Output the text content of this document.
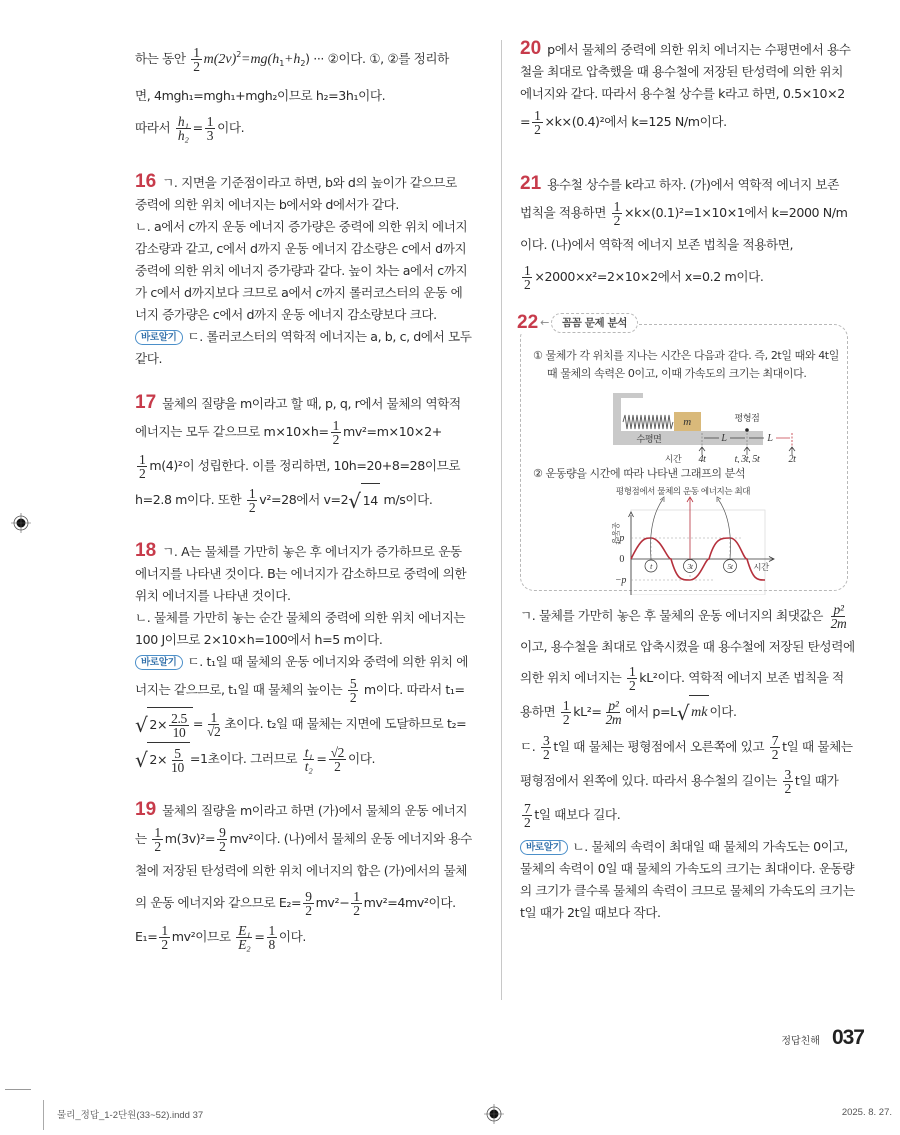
하는 동안 $\frac{1}{2} m(2v)^2=mg(h_1+h_2)$ ··· ②이다. ①, ②를 정리하
면, 4mgh₁=mgh₁+mgh₂이므로 h₂=3h₁이다.
따라서 $\frac{\text{h₁}}{\text{h₂}} = \frac{1}{3}$ 이다.
16 ㄱ. 지면을 기준점이라고 하면, b와 d의 높이가 같으므로
중력에 의한 위치 에너지는 b에서와 d에서가 같다.
ㄴ. a에서 c까지 운동 에너지 증가량은 중력에 의한 위치 에너지
감소량과 같고, c에서 d까지 운동 에너지 감소량은 c에서 d까지
중력에 의한 위치 에너지 증가량과 같다. 높이 차는 a에서 c까지
가 c에서 d까지보다 크므로 a에서 c까지 롤러코스터의 운동 에
너지 증가량은 c에서 d까지 운동 에너지 감소량보다 크다.
바로알기 ㄷ. 롤러코스터의 역학적 에너지는 a, b, c, d에서 모두
같다.
17 물체의 질량을 m이라고 할 때, p, q, r에서 물체의 역학적
에너지는 모두 같으므로 $m\times 10\times h= \frac{1}{2} mv^2=m\times 10\times 2+$
$\frac{1}{2} m(4)^2$이 성립한다. 이를 정리하면, 10h=20+8=28이므로
h=2.8 m이다. 또한 $\frac{1}{2} v^2=28$에서 v=2 √ 14 m/s이다.
18 ㄱ. A는 물체를 가만히 놓은 후 에너지가 증가하므로 운동
에너지를 나타낸 것이다. B는 에너지가 감소하므로 중력에 의한
위치 에너지를 나타낸 것이다.
ㄴ. 물체를 가만히 놓는 순간 물체의 중력에 의한 위치 에너지는
100 J이므로 2×10×h=100에서 h=5 m이다.
바로알기 ㄷ. t₁일 때 물체의 운동 에너지와 중력에 의한 위치 에
너지는 같으므로, t₁일 때 물체의 높이는 $\frac{5}{2}$ m이다. 따라서 t₁=
√ $2\times \frac{2.5}{10} = \frac{1}{√2}$ 초이다. t₂일 때 물체는 지면에 도달하므로 t₂=
√ $2\times \frac{5}{10} =1$초이다. 그러므로 $\frac{\text{t₁}}{\text{t₂}} = \frac{√2}{2}$ 이다.
19 물체의 질량을 m이라고 하면 (가)에서 물체의 운동 에너지
는 $\frac{1}{2} m(3v)^2= \frac{9}{2} mv^2$이다. (나)에서 물체의 운동 에너지와 용수
철에 저장된 탄성력에 의한 위치 에너지의 합은 (가)에서의 물체
의 운동 에너지와 같으므로 $E_2= \frac{9}{2} mv^2- \frac{1}{2} mv^2=4mv^2$이다.
$E_1= \frac{1}{2} mv^2$이므로 $\frac{\text{E₁}}{\text{E₂}} = \frac{1}{8}$ 이다.
20 p에서 물체의 중력에 의한 위치 에너지는 수평면에서 용수
철을 최대로 압축했을 때 용수철에 저장된 탄성력에 의한 위치
에너지와 같다. 따라서 용수철 상수를 k라고 하면, 0.5×10×2
= $\frac{1}{2} \times k\times(0.4)^2$에서 k=125 N/m이다.
21 용수철 상수를 k라고 하자. (가)에서 역학적 에너지 보존
법칙을 적용하면 $\frac{1}{2} \times k\times(0.1)^2=1\times 10\times 1$에서 k=2000 N/m
이다. (나)에서 역학적 에너지 보존 법칙을 적용하면,
$\frac{1}{2} \times 2000\times x^2=2\times 10\times 2$에서 x=0.2 m이다.
22 ←	꼼꼼 문제 분석
① 물체가 각 위치를 지나는 시간은 다음과 같다. 즉, 2t일 때와 4t일
때 물체의 속력은 0이고, 이때 가속도의 크기는 최대이다.
m
수평면
평형점
L	L
시간 4t	t, 3t, 5t	2t
② 운동량을 시간에 따라 나타낸 그래프의 분석
평형점에서 물체의 운동 에너지는 최대
t	3t	5t
p
0
−p
시간
운동량
ㄱ. 물체를 가만히 놓은 후 물체의 운동 에너지의 최댓값은 $\frac{\text{p²}}{2m}$
이고, 용수철을 최대로 압축시켰을 때 용수철에 저장된 탄성력에
의한 위치 에너지는 $\frac{1}{2} kL^2$이다. 역학적 에너지 보존 법칙을 적
용하면 $\frac{1}{2} kL^2= \frac{\text{p²}}{2m}$ 에서 p=L √ mk 이다.
ㄷ. $\frac{3}{2}$ t일 때 물체는 평형점에서 오른쪽에 있고 $\frac{7}{2}$ t일 때 물체는
평형점에서 왼쪽에 있다. 따라서 용수철의 길이는 $\frac{3}{2}$ t일 때가
$\frac{7}{2}$ t일 때보다 길다.
바로알기 ㄴ. 물체의 속력이 최대일 때 물체의 가속도는 0이고,
물체의 속력이 0일 때 물체의 가속도의 크기는 최대이다. 운동량
의 크기가 클수록 물체의 속력이 크므로 물체의 가속도의 크기는
t일 때가 2t일 때보다 작다.
정답친해 037
물리_정답_1-2단원(33~52).indd 37	2025. 8. 27.
